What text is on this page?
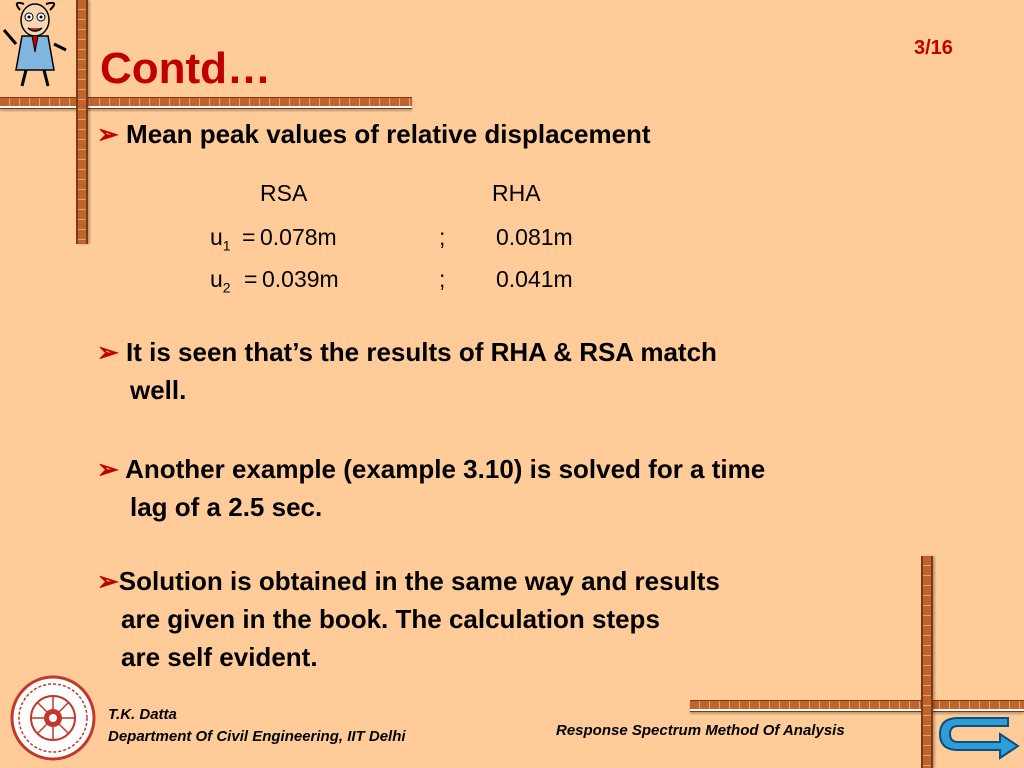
Contd…	3/16
➢ Mean peak values of relative displacement
RSA	RHA
$u_1 = 0.078m$	; 0.081m
$u_2 = 0.039m$	; 0.041m
➢ It is seen that’s the results of RHA & RSA match
well.
➢ Another example (example 3.10) is solved for a time
lag of a 2.5 sec.
➢Solution is obtained in the same way and results
are given in the book. The calculation steps
are self evident.
T.K. Datta
Department Of Civil Engineering, IIT Delhi	Response Spectrum Method Of Analysis
